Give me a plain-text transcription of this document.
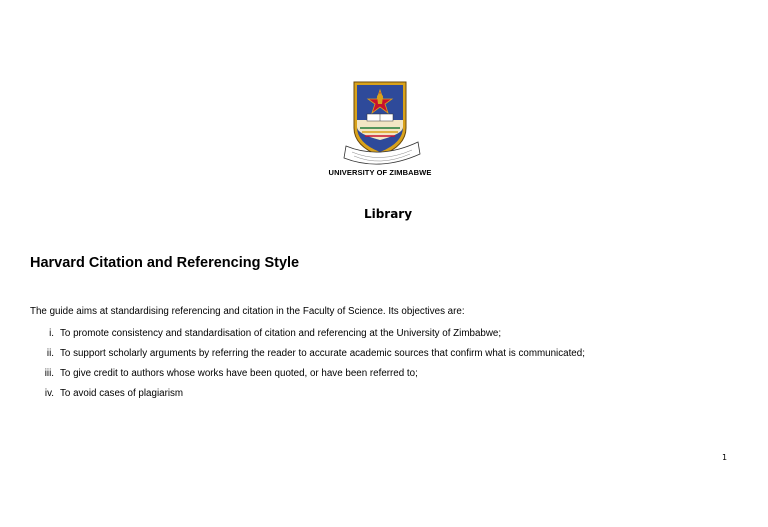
UNIVERSITY OF ZIMBABWE
Library
Harvard Citation and Referencing Style
The guide aims at standardising referencing and citation in the Faculty of Science. Its objectives are:
i. To promote consistency and standardisation of citation and referencing at the University of Zimbabwe;
ii. To support scholarly arguments by referring the reader to accurate academic sources that confirm what is communicated;
iii. To give credit to authors whose works have been quoted, or have been referred to;
iv. To avoid cases of plagiarism
1
